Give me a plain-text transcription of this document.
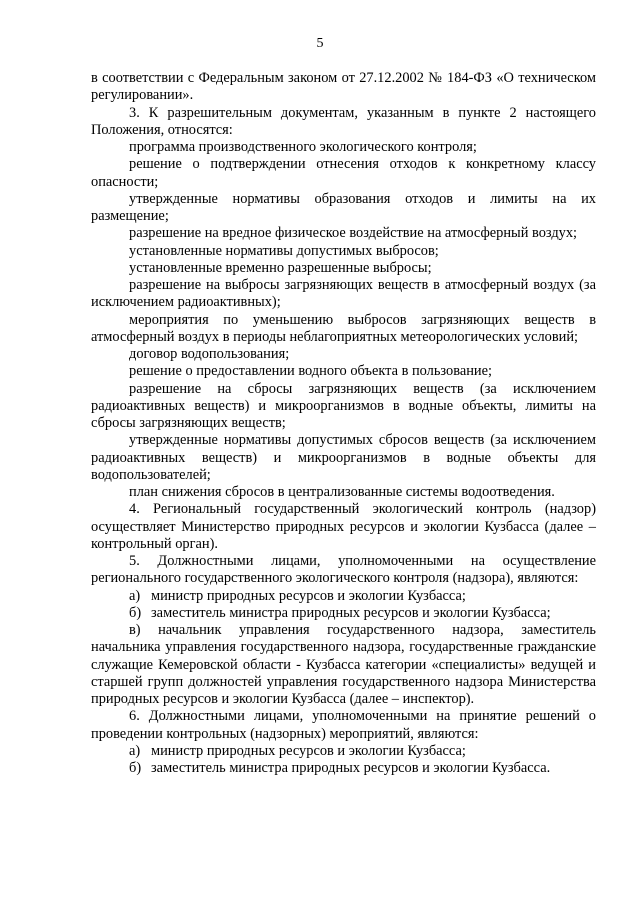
5

в соответствии с Федеральным законом от 27.12.2002 № 184-ФЗ «О техническом регулировании».

3. К разрешительным документам, указанным в пункте 2 настоящего Положения, относятся:

программа производственного экологического контроля;

решение о подтверждении отнесения отходов к конкретному классу опасности;

утвержденные нормативы образования отходов и лимиты на их размещение;

разрешение на вредное физическое воздействие на атмосферный воздух;

установленные нормативы допустимых выбросов;

установленные временно разрешенные выбросы;

разрешение на выбросы загрязняющих веществ в атмосферный воздух (за исключением радиоактивных);

мероприятия по уменьшению выбросов загрязняющих веществ в атмосферный воздух в периоды неблагоприятных метеорологических условий;

договор водопользования;

решение о предоставлении водного объекта в пользование;

разрешение на сбросы загрязняющих веществ (за исключением радиоактивных веществ) и микроорганизмов в водные объекты, лимиты на сбросы загрязняющих веществ;

утвержденные нормативы допустимых сбросов веществ (за исключением радиоактивных веществ) и микроорганизмов в водные объекты для водопользователей;

план снижения сбросов в централизованные системы водоотведения.

4. Региональный государственный экологический контроль (надзор) осуществляет Министерство природных ресурсов и экологии Кузбасса (далее – контрольный орган).

5. Должностными лицами, уполномоченными на осуществление регионального государственного экологического контроля (надзора), являются:

а) министр природных ресурсов и экологии Кузбасса;

б) заместитель министра природных ресурсов и экологии Кузбасса;

в) начальник управления государственного надзора, заместитель начальника управления государственного надзора, государственные гражданские служащие Кемеровской области - Кузбасса категории «специалисты» ведущей и старшей групп должностей управления государственного надзора Министерства природных ресурсов и экологии Кузбасса (далее – инспектор).

6. Должностными лицами, уполномоченными на принятие решений о проведении контрольных (надзорных) мероприятий, являются:

а) министр природных ресурсов и экологии Кузбасса;

б) заместитель министра природных ресурсов и экологии Кузбасса.
